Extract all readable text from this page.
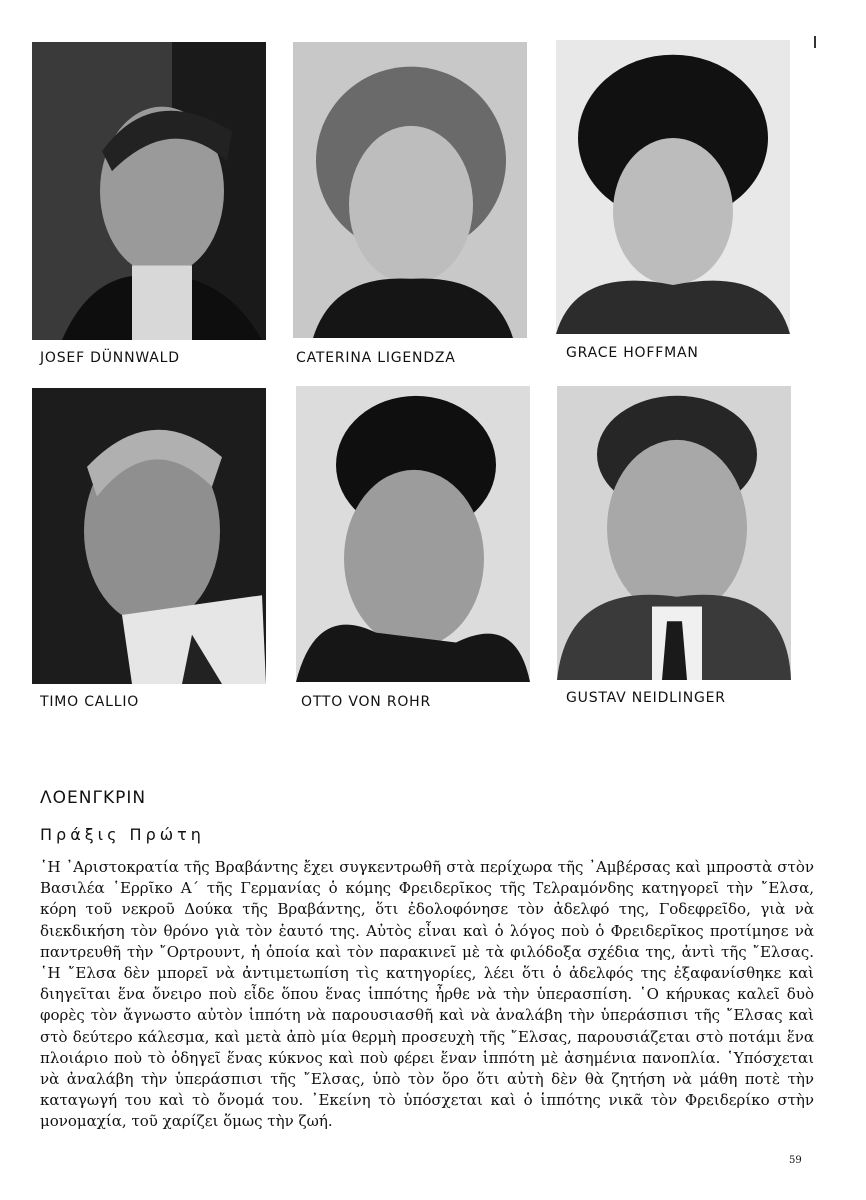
JOSEF DÜNNWALD	CATERINA LIGENDZA	GRACE HOFFMAN
TIMO CALLIO	OTTO VON ROHR	GUSTAV NEIDLINGER
ΛΟΕΝΓΚΡΙΝ
Πράξις Πρώτη
῾Η ᾿Αριστοκρατία τῆς Βραβάντης ἔχει συγκεντρωθῆ στὰ περίχωρα τῆς ᾿Αμβέρσας καὶ μπροστὰ στὸν Βασιλέα ῾Ερρῖκο Α΄ τῆς Γερμανίας ὁ κόμης Φρειδερῖκος τῆς Τελραμόνδης κατηγορεῖ τὴν ῎Ελσα, κόρη τοῦ νεκροῦ Δούκα τῆς Βραβάντης, ὅτι ἐδολοφόνησε τὸν ἀδελφό της, Γοδεφρεῖδο, γιὰ νὰ διεκδικήση τὸν θρόνο γιὰ τὸν ἑαυτό της. Αὐτὸς εἶναι καὶ ὁ λόγος ποὺ ὁ Φρειδερῖκος προτίμησε νὰ παντρευθῆ τὴν ῎Ορτρουντ, ἡ ὁποία καὶ τὸν παρακινεῖ μὲ τὰ φιλόδοξα σχέδια της, ἀντὶ τῆς ῎Ελσας. ῾Η ῎Ελσα δὲν μπορεῖ νὰ ἀντιμετωπίση τὶς κατηγορίες, λέει ὅτι ὁ ἀδελφός της ἐξαφανίσθηκε καὶ διηγεῖται ἕνα ὄνειρο ποὺ εἶδε ὅπου ἕνας ἱππότης ἦρθε νὰ τὴν ὑπερασπίση. ῾Ο κήρυκας καλεῖ δυὸ φορὲς τὸν ἄγνωστο αὐτὸν ἱππότη νὰ παρουσιασθῆ καὶ νὰ ἀναλάβη τὴν ὑπεράσπισι τῆς ῎Ελσας καὶ στὸ δεύτερο κάλεσμα, καὶ μετὰ ἀπὸ μία θερμὴ προσευχὴ τῆς ῎Ελσας, παρουσιάζεται στὸ ποτάμι ἕνα πλοιάριο ποὺ τὸ ὁδηγεῖ ἕνας κύκνος καὶ ποὺ φέρει ἕναν ἱππότη μὲ ἀσημένια πανοπλία. ῾Υπόσχεται νὰ ἀναλάβη τὴν ὑπεράσπισι τῆς ῎Ελσας, ὑπὸ τὸν ὅρο ὅτι αὐτὴ δὲν θὰ ζητήση νὰ μάθη ποτὲ τὴν καταγωγή του καὶ τὸ ὄνομά του. ᾿Εκείνη τὸ ὑπόσχεται καὶ ὁ ἱππότης νικᾶ τὸν Φρειδερίκο στὴν μονομαχία, τοῦ χαρίζει ὅμως τὴν ζωή.
59
